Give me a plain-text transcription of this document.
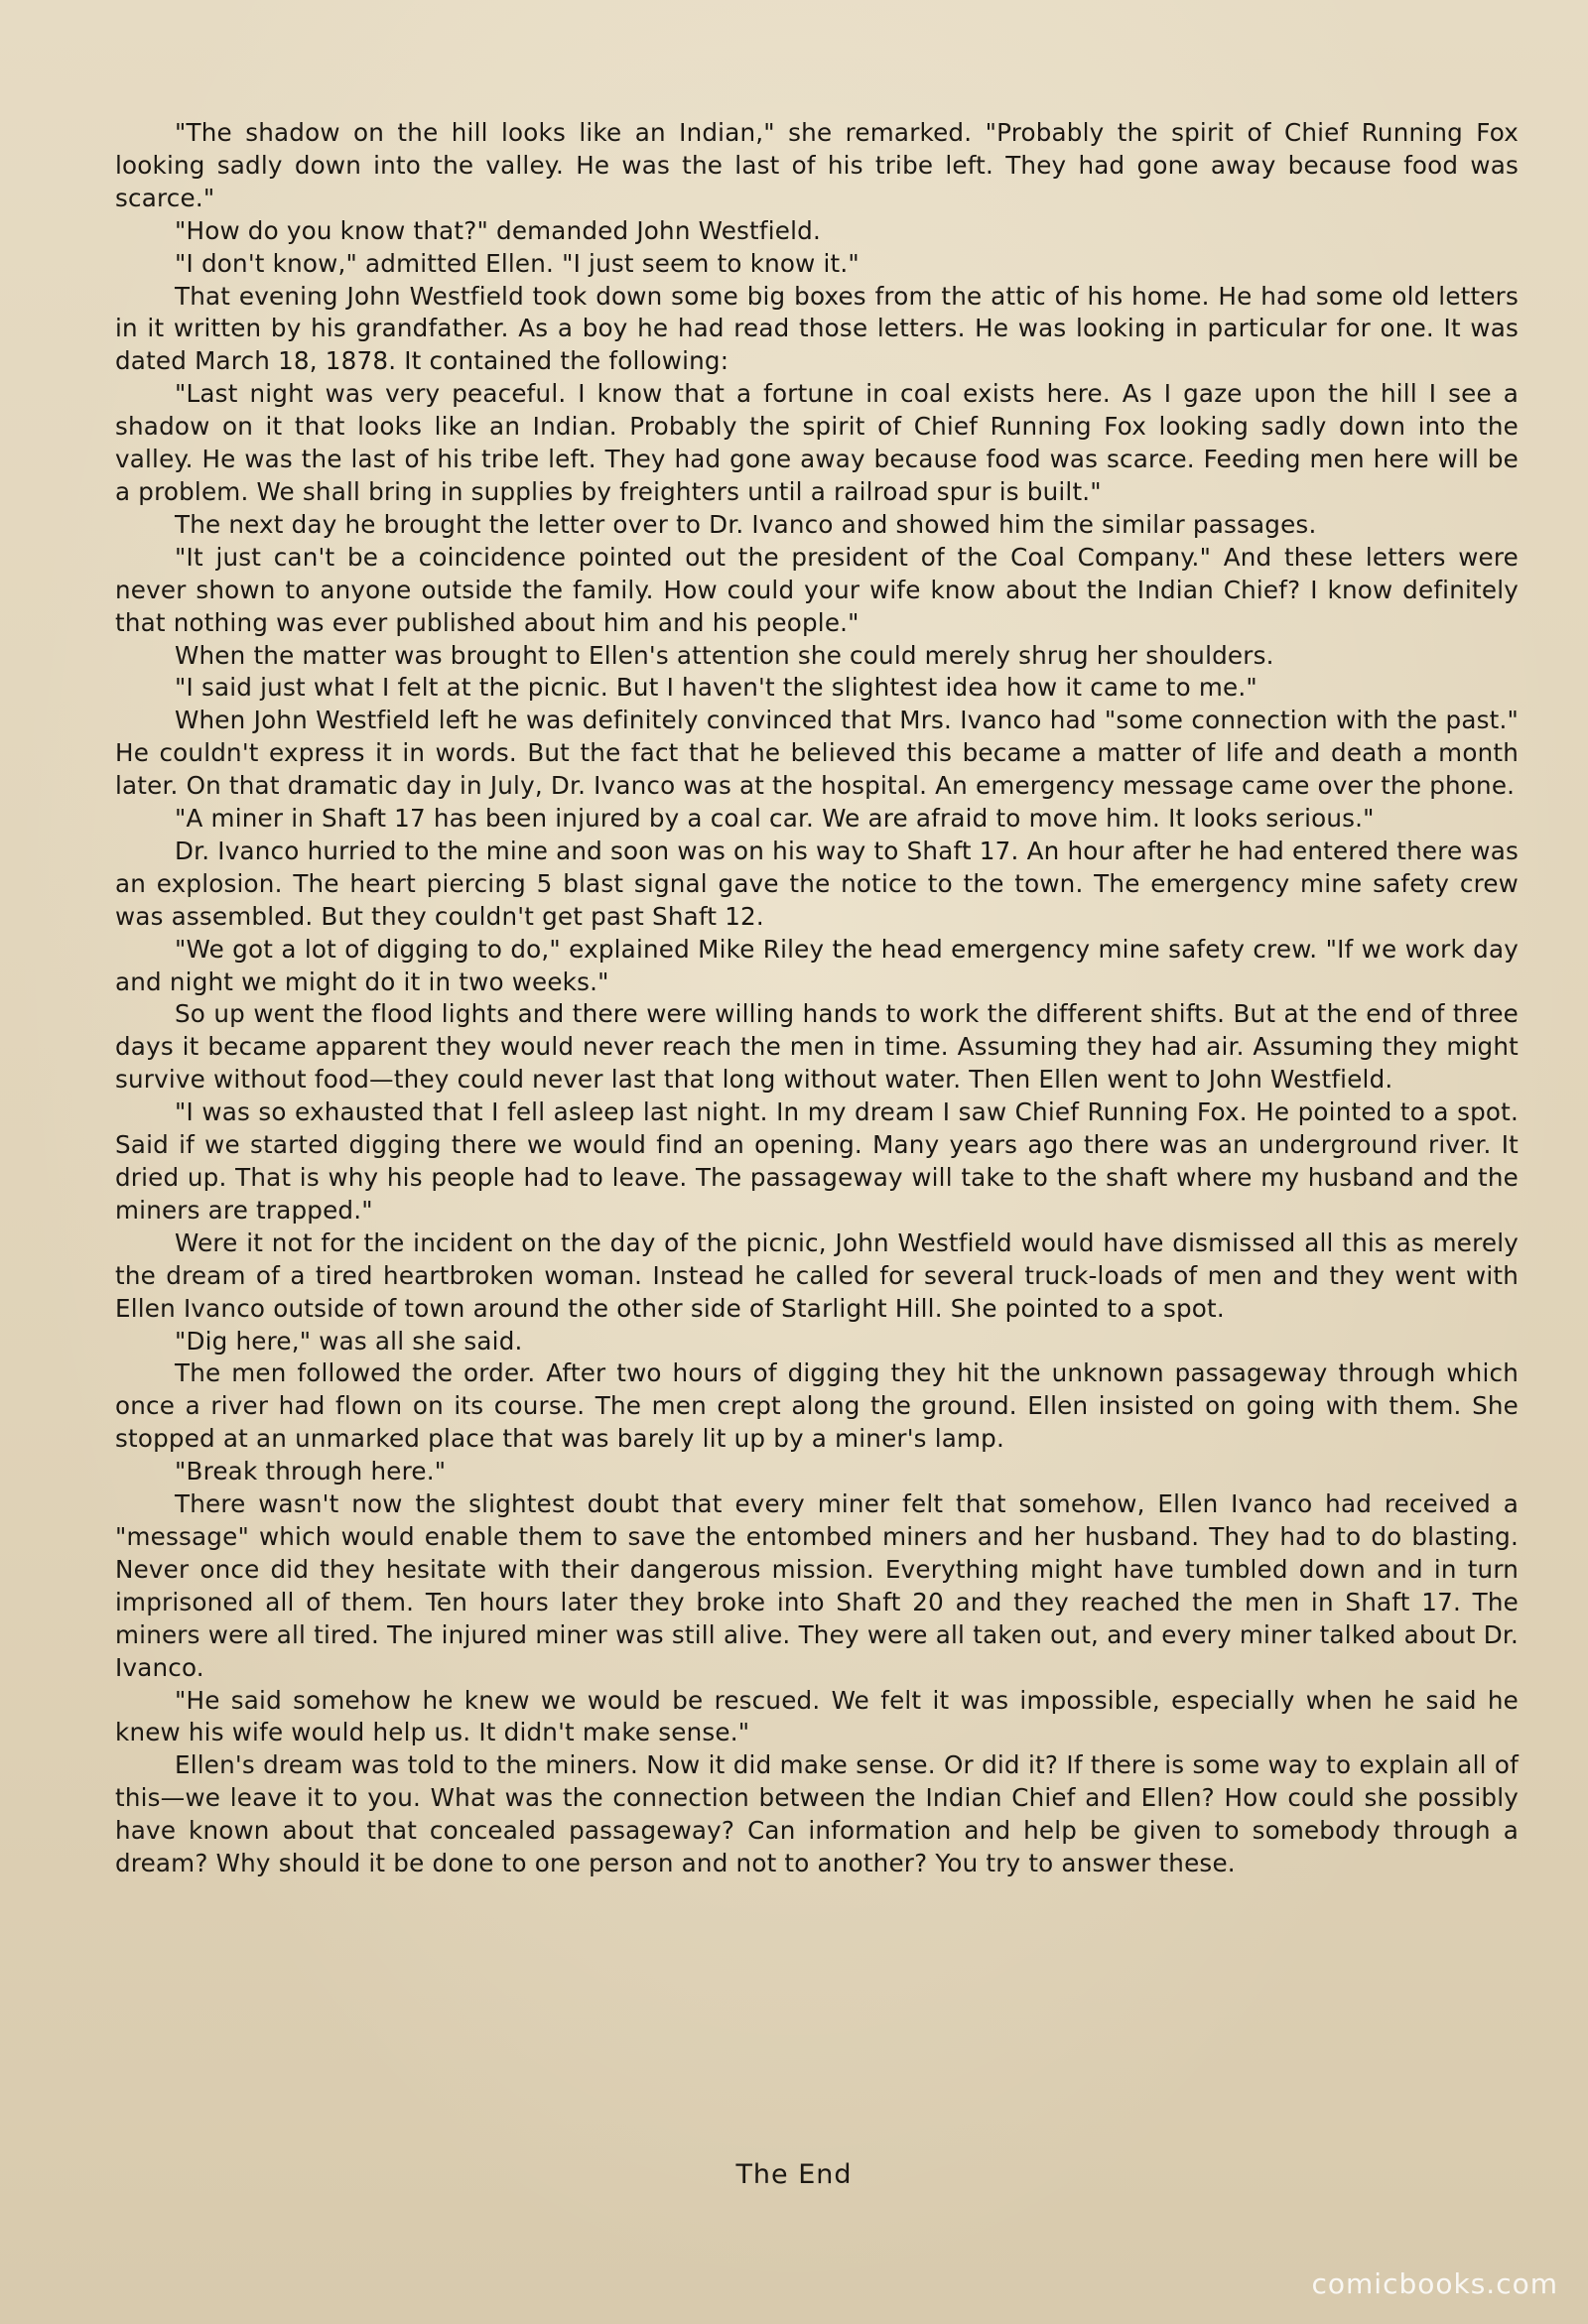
"The shadow on the hill looks like an Indian," she remarked. "Probably the spirit of Chief Running Fox looking sadly down into the valley. He was the last of his tribe left. They had gone away because food was scarce."

"How do you know that?" demanded John Westfield.

"I don't know," admitted Ellen. "I just seem to know it."

That evening John Westfield took down some big boxes from the attic of his home. He had some old letters in it written by his grandfather. As a boy he had read those letters. He was looking in particular for one. It was dated March 18, 1878. It contained the following:

"Last night was very peaceful. I know that a fortune in coal exists here. As I gaze upon the hill I see a shadow on it that looks like an Indian. Probably the spirit of Chief Running Fox looking sadly down into the valley. He was the last of his tribe left. They had gone away because food was scarce. Feeding men here will be a problem. We shall bring in supplies by freighters until a railroad spur is built."

The next day he brought the letter over to Dr. Ivanco and showed him the similar passages.

"It just can't be a coincidence pointed out the president of the Coal Company." And these letters were never shown to anyone outside the family. How could your wife know about the Indian Chief? I know definitely that nothing was ever published about him and his people."

When the matter was brought to Ellen's attention she could merely shrug her shoulders.

"I said just what I felt at the picnic. But I haven't the slightest idea how it came to me."

When John Westfield left he was definitely convinced that Mrs. Ivanco had "some connection with the past." He couldn't express it in words. But the fact that he believed this became a matter of life and death a month later. On that dramatic day in July, Dr. Ivanco was at the hospital. An emergency message came over the phone.

"A miner in Shaft 17 has been injured by a coal car. We are afraid to move him. It looks serious."

Dr. Ivanco hurried to the mine and soon was on his way to Shaft 17. An hour after he had entered there was an explosion. The heart piercing 5 blast signal gave the notice to the town. The emergency mine safety crew was assembled. But they couldn't get past Shaft 12.

"We got a lot of digging to do," explained Mike Riley the head emergency mine safety crew. "If we work day and night we might do it in two weeks."

So up went the flood lights and there were willing hands to work the different shifts. But at the end of three days it became apparent they would never reach the men in time. Assuming they had air. Assuming they might survive without food—they could never last that long without water. Then Ellen went to John Westfield.

"I was so exhausted that I fell asleep last night. In my dream I saw Chief Running Fox. He pointed to a spot. Said if we started digging there we would find an opening. Many years ago there was an underground river. It dried up. That is why his people had to leave. The passageway will take to the shaft where my husband and the miners are trapped."

Were it not for the incident on the day of the picnic, John Westfield would have dismissed all this as merely the dream of a tired heartbroken woman. Instead he called for several truck-loads of men and they went with Ellen Ivanco outside of town around the other side of Starlight Hill. She pointed to a spot.

"Dig here," was all she said.

The men followed the order. After two hours of digging they hit the unknown passageway through which once a river had flown on its course. The men crept along the ground. Ellen insisted on going with them. She stopped at an unmarked place that was barely lit up by a miner's lamp.

"Break through here."

There wasn't now the slightest doubt that every miner felt that somehow, Ellen Ivanco had received a "message" which would enable them to save the entombed miners and her husband. They had to do blasting. Never once did they hesitate with their dangerous mission. Everything might have tumbled down and in turn imprisoned all of them. Ten hours later they broke into Shaft 20 and they reached the men in Shaft 17. The miners were all tired. The injured miner was still alive. They were all taken out, and every miner talked about Dr. Ivanco.

"He said somehow he knew we would be rescued. We felt it was impossible, especially when he said he knew his wife would help us. It didn't make sense."

Ellen's dream was told to the miners. Now it did make sense. Or did it? If there is some way to explain all of this—we leave it to you. What was the connection between the Indian Chief and Ellen? How could she possibly have known about that concealed passageway? Can information and help be given to somebody through a dream? Why should it be done to one person and not to another? You try to answer these.

The End
comicbooks.com
